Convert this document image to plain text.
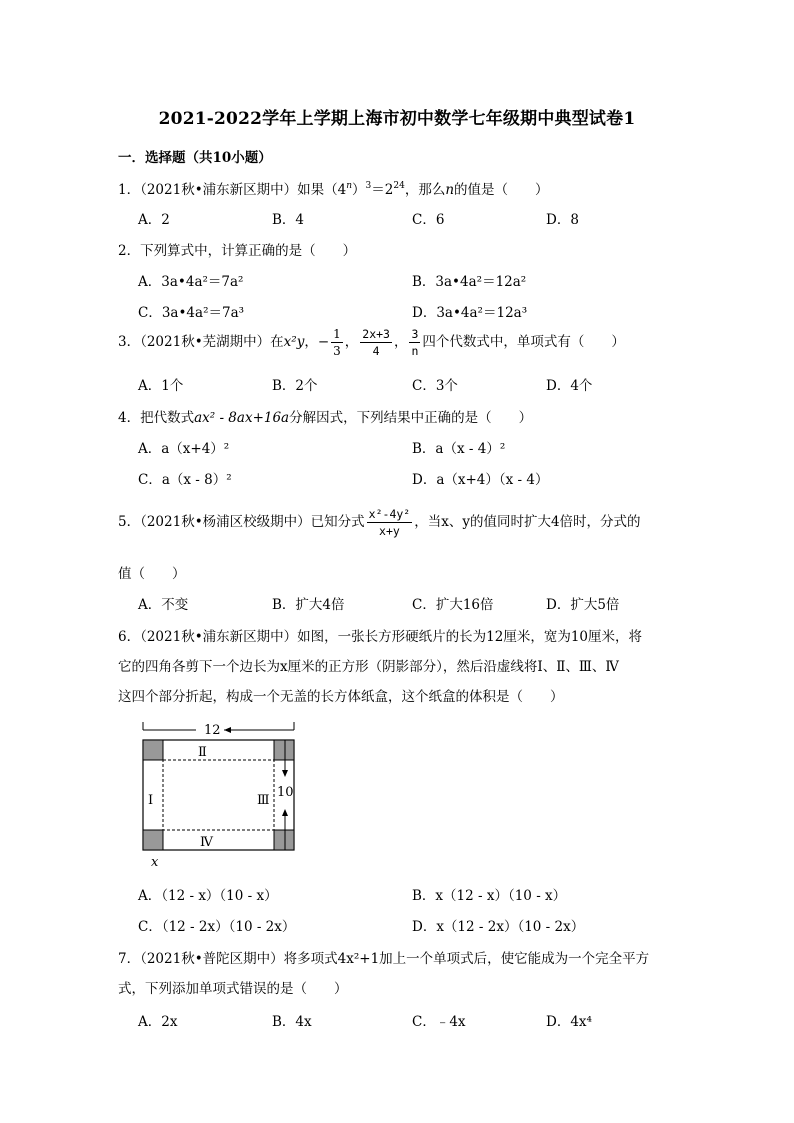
2021-2022学年上学期上海市初中数学七年级期中典型试卷1
一．选择题（共10小题）
1．（2021秋•浦东新区期中）如果$(4^n)^3=2^{24}$，那么n的值是（　　）
A．2	B．4	C．6	D．8
2．下列算式中，计算正确的是（　　）
A．3a•4a²＝7a²	B．3a•4a²＝12a²
C．3a•4a²＝7a³	D．3a•4a²＝12a³
3．（2021秋•芜湖期中）在x²y，− $\frac{1}{3}$ ， $\frac{2x+3}{4}$ ， $\frac{3}{n}$ 四个代数式中，单项式有（　　）
A．1个	B．2个	C．3个	D．4个
4．把代数式ax² - 8ax+16a分解因式，下列结果中正确的是（　　）
A．a（x+4）²	B．a（x - 4）²
C．a（x - 8）²	D．a（x+4）（x - 4）
5．（2021秋•杨浦区校级期中）已知分式 $\frac{\text{x²-4y²}}{x+y}$ ，当x、y的值同时扩大4倍时，分式的
值（　　）
A．不变	B．扩大4倍	C．扩大16倍	D．扩大5倍
6．（2021秋•浦东新区期中）如图，一张长方形硬纸片的长为12厘米，宽为10厘米，将
它的四角各剪下一个边长为x厘米的正方形（阴影部分），然后沿虚线将Ⅰ、Ⅱ、Ⅲ、Ⅳ
这四个部分折起，构成一个无盖的长方体纸盒，这个纸盒的体积是（　　）
12
Ⅱ
Ⅰ	Ⅲ
Ⅳ
10
x
A．（12 - x）（10 - x）	B．x（12 - x）（10 - x）
C．（12 - 2x）（10 - 2x）	D．x（12 - 2x）（10 - 2x）
7．（2021秋•普陀区期中）将多项式4x²+1加上一个单项式后，使它能成为一个完全平方
式，下列添加单项式错误的是（　　）
A．2x	B．4x	C．﹣4x	D．4x⁴
